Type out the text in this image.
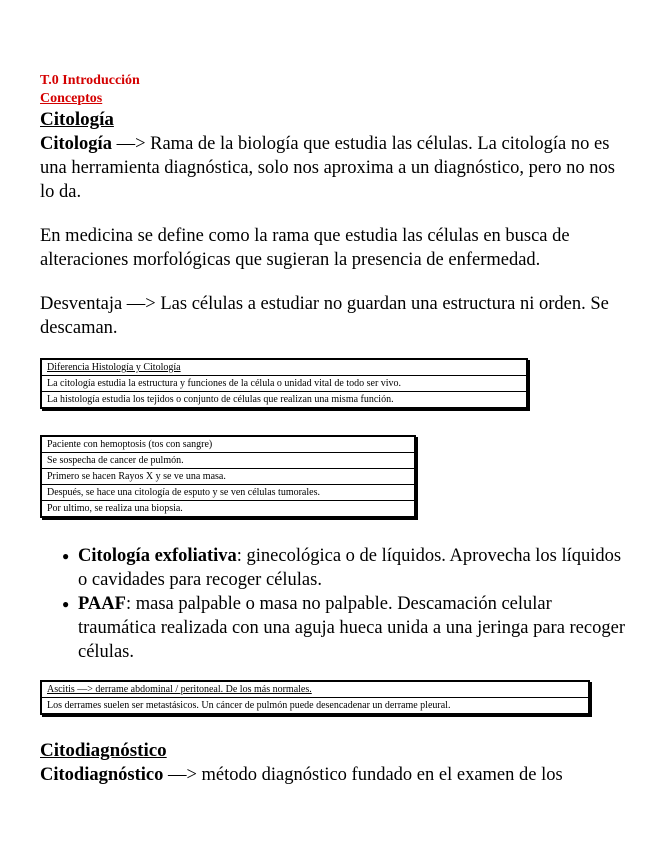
T.0 Introducción
Conceptos
Citología

Citología —> Rama de la biología que estudia las células. La citología no es una herramienta diagnóstica, solo nos aproxima a un diagnóstico, pero no nos lo da.

En medicina se define como la rama que estudia las células en busca de alteraciones morfológicas que sugieran la presencia de enfermedad.

Desventaja —> Las células a estudiar no guardan una estructura ni orden. Se descaman.

Diferencia Histología y Citología
La citología estudia la estructura y funciones de la célula o unidad vital de todo ser vivo.
La histología estudia los tejidos o conjunto de células que realizan una misma función.
Paciente con hemoptosis (tos con sangre)
Se sospecha de cancer de pulmón.
Primero se hacen Rayos X y se ve una masa.
Después, se hace una citología de esputo y se ven células tumorales.
Por ultimo, se realiza una biopsia.
● Citología exfoliativa: ginecológica o de líquidos. Aprovecha los líquidos o cavidades para recoger células.
● PAAF: masa palpable o masa no palpable. Descamación celular traumática realizada con una aguja hueca unida a una jeringa para recoger células.
Ascitis —> derrame abdominal / peritoneal. De los más normales.
Los derrames suelen ser metastásicos. Un cáncer de pulmón puede desencadenar un derrame pleural.
Citodiagnóstico

Citodiagnóstico —> método diagnóstico fundado en el examen de los
